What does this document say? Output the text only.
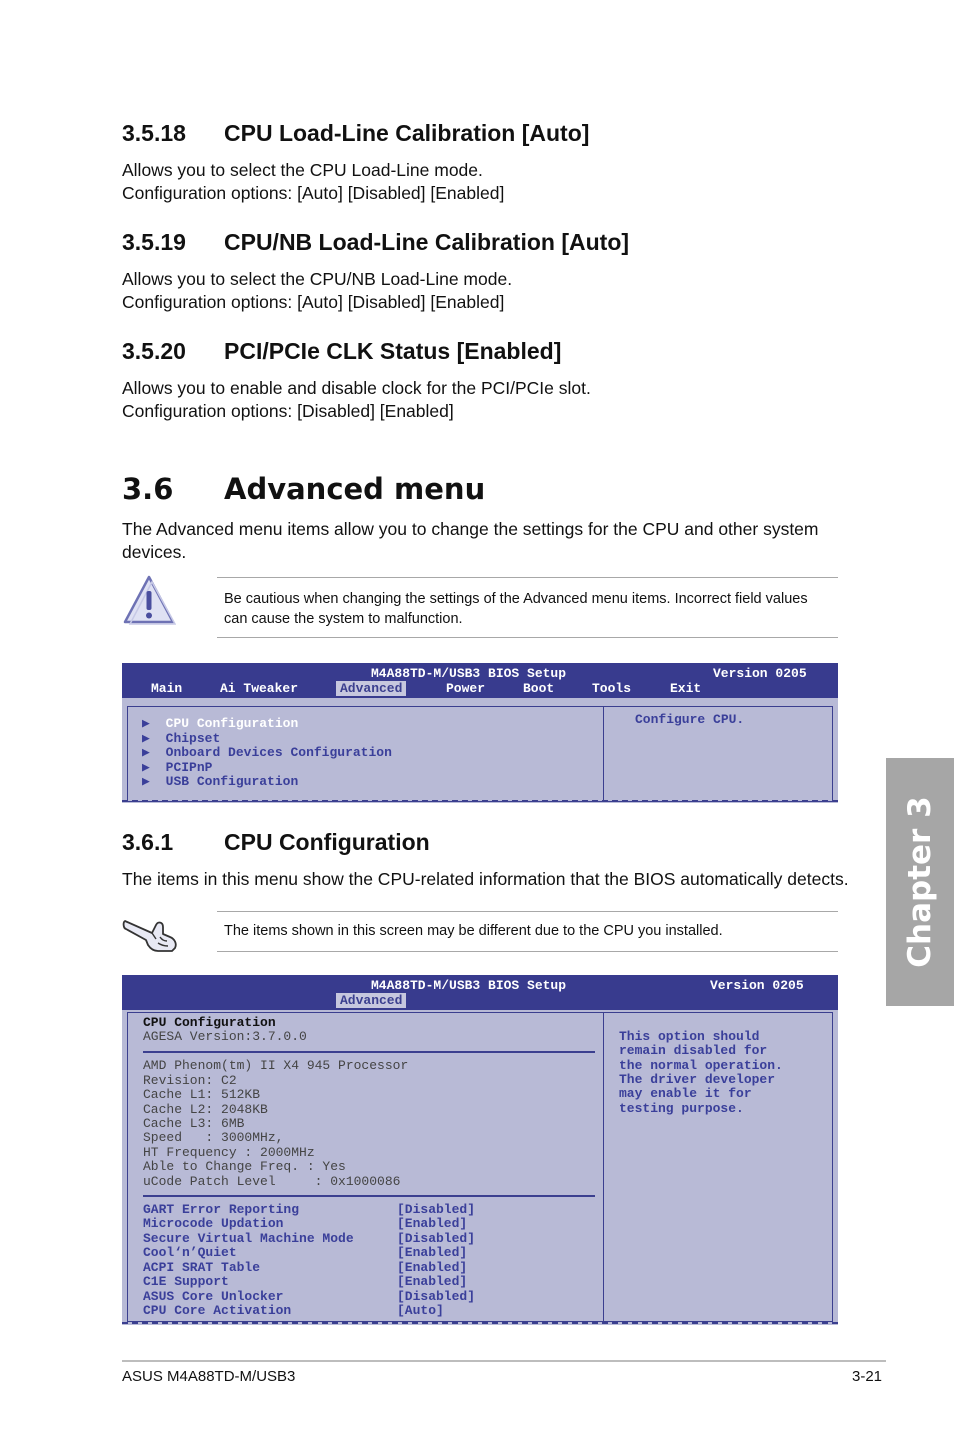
3.5.18 CPU Load-Line Calibration [Auto]
Allows you to select the CPU Load-Line mode.
Configuration options: [Auto] [Disabled] [Enabled]
3.5.19 CPU/NB Load-Line Calibration [Auto]
Allows you to select the CPU/NB Load-Line mode.
Configuration options: [Auto] [Disabled] [Enabled]
3.5.20 PCI/PCIe CLK Status [Enabled]
Allows you to enable and disable clock for the PCI/PCIe slot.
Configuration options: [Disabled] [Enabled]
3.6 Advanced menu
The Advanced menu items allow you to change the settings for the CPU and other system
devices.
Be cautious when changing the settings of the Advanced menu items. Incorrect field values
can cause the system to malfunction.
M4A88TD-M/USB3 BIOS Setup	Version 0205
Main	Ai Tweaker	Advanced	Power	Boot	Tools	Exit
▶ CPU Configuration
▶ Chipset
▶ Onboard Devices Configuration
▶ PCIPnP
▶ USB Configuration
Configure CPU.
3.6.1 CPU Configuration
The items in this menu show the CPU-related information that the BIOS automatically detects.
The items shown in this screen may be different due to the CPU you installed.
M4A88TD-M/USB3 BIOS Setup	Version 0205
Advanced
CPU Configuration
AGESA Version:3.7.0.0
AMD Phenom(tm) II X4 945 Processor
Revision: C2
Cache L1: 512KB
Cache L2: 2048KB
Cache L3: 6MB
Speed   : 3000MHz,
HT Frequency : 2000MHz
Able to Change Freq. : Yes
uCode Patch Level     : 0x1000086
GART Error Reporting	[Disabled]
Microcode Updation	[Enabled]
Secure Virtual Machine Mode	[Disabled]
Cool‘n’Quiet	[Enabled]
ACPI SRAT Table	[Enabled]
C1E Support	[Enabled]
ASUS Core Unlocker	[Disabled]
CPU Core Activation	[Auto]
This option should
remain disabled for
the normal operation.
The driver developer
may enable it for
testing purpose.
Chapter 3
ASUS M4A88TD-M/USB3	3-21
